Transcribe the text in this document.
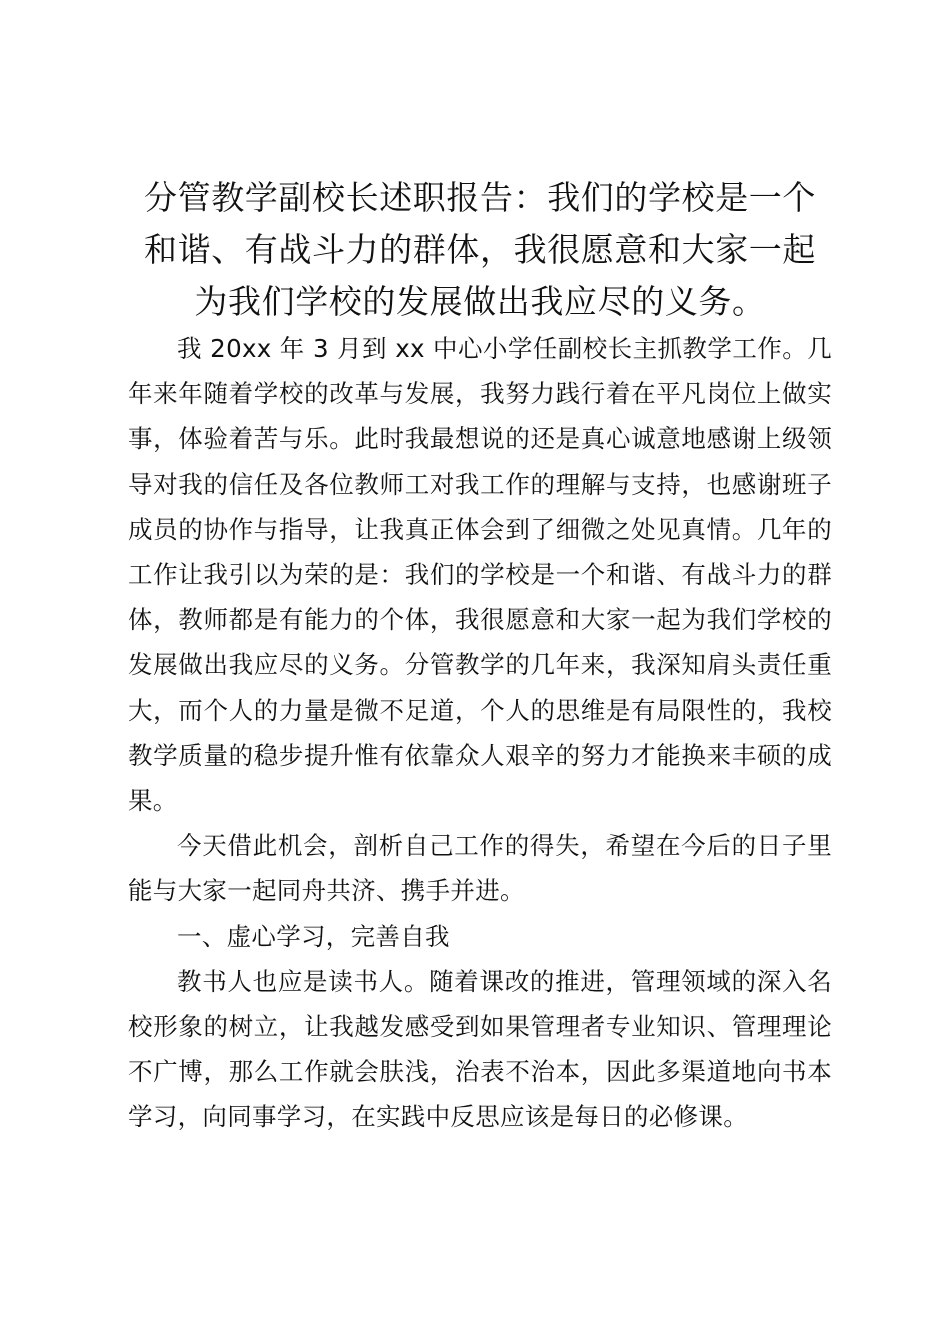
分管教学副校长述职报告：我们的学校是一个和谐、有战斗力的群体，我很愿意和大家一起为我们学校的发展做出我应尽的义务。

我 20xx 年 3 月到 xx 中心小学任副校长主抓教学工作。几年来年随着学校的改革与发展，我努力践行着在平凡岗位上做实事，体验着苦与乐。此时我最想说的还是真心诚意地感谢上级领导对我的信任及各位教师工对我工作的理解与支持，也感谢班子成员的协作与指导，让我真正体会到了细微之处见真情。几年的工作让我引以为荣的是：我们的学校是一个和谐、有战斗力的群体，教师都是有能力的个体，我很愿意和大家一起为我们学校的发展做出我应尽的义务。分管教学的几年来，我深知肩头责任重大，而个人的力量是微不足道，个人的思维是有局限性的，我校教学质量的稳步提升惟有依靠众人艰辛的努力才能换来丰硕的成果。

今天借此机会，剖析自己工作的得失，希望在今后的日子里能与大家一起同舟共济、携手并进。

一、虚心学习，完善自我

教书人也应是读书人。随着课改的推进，管理领域的深入名校形象的树立，让我越发感受到如果管理者专业知识、管理理论不广博，那么工作就会肤浅，治表不治本，因此多渠道地向书本学习，向同事学习，在实践中反思应该是每日的必修课。
